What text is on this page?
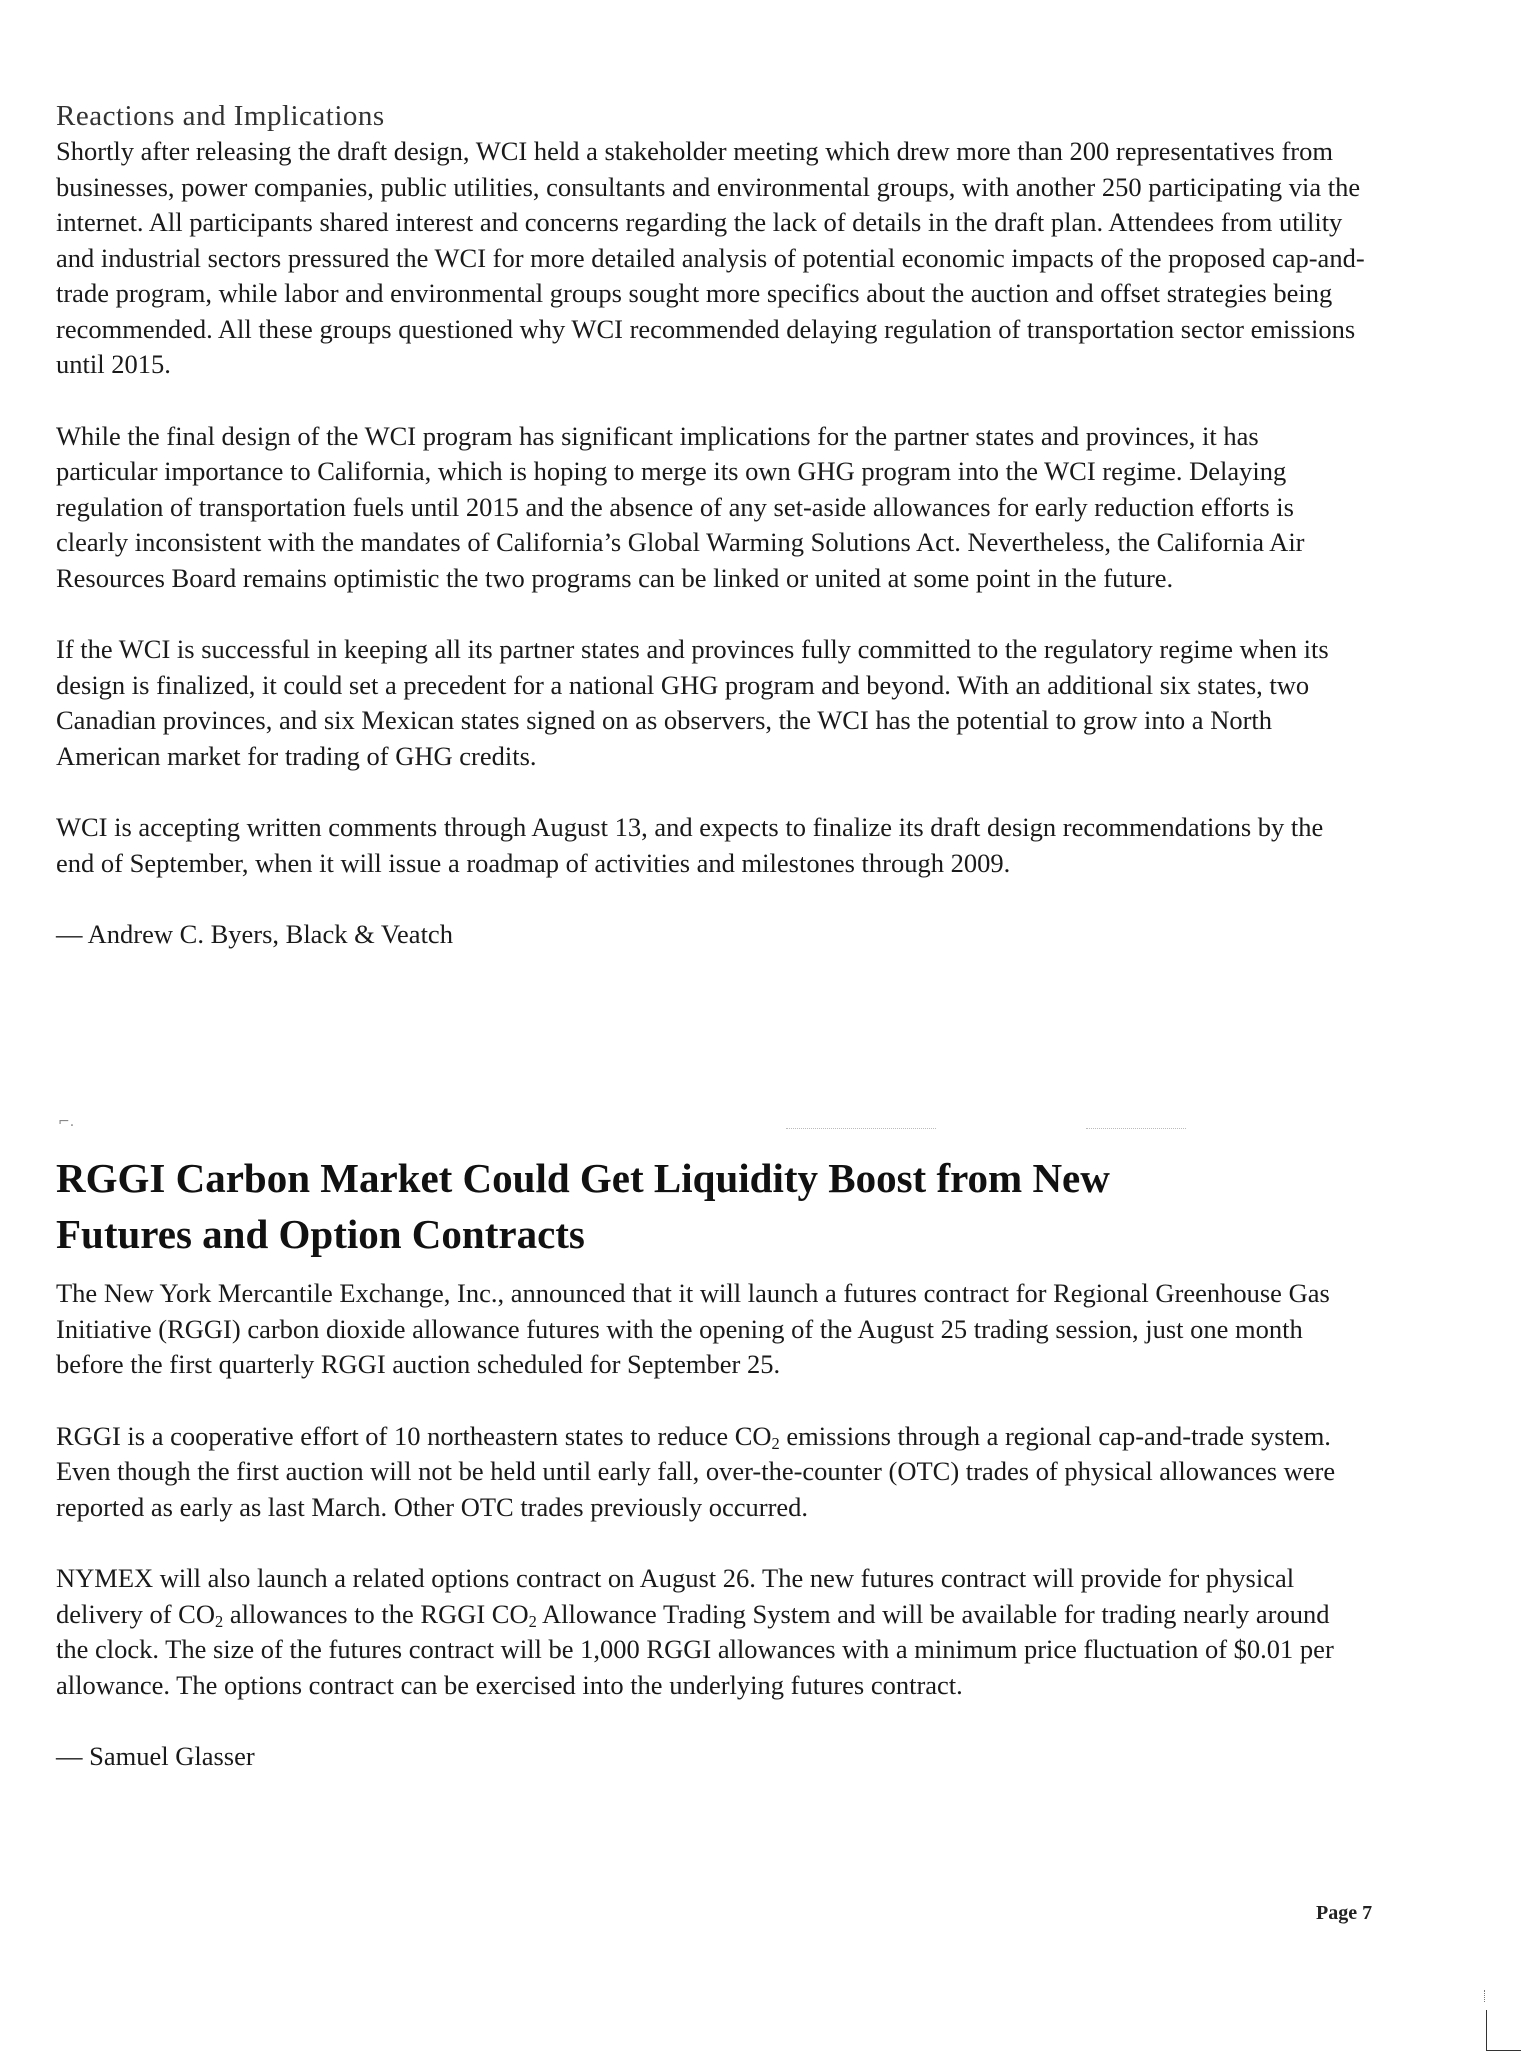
Reactions and Implications

Shortly after releasing the draft design, WCI held a stakeholder meeting which drew more than 200 representatives from businesses, power companies, public utilities, consultants and environmental groups, with another 250 participating via the internet. All participants shared interest and concerns regarding the lack of details in the draft plan. Attendees from utility and industrial sectors pressured the WCI for more detailed analysis of potential economic impacts of the proposed cap-and-trade program, while labor and environmental groups sought more specifics about the auction and offset strategies being recommended. All these groups questioned why WCI recommended delaying regulation of transportation sector emissions until 2015.

While the final design of the WCI program has significant implications for the partner states and provinces, it has particular importance to California, which is hoping to merge its own GHG program into the WCI regime. Delaying regulation of transportation fuels until 2015 and the absence of any set-aside allowances for early reduction efforts is clearly inconsistent with the mandates of California’s Global Warming Solutions Act. Nevertheless, the California Air Resources Board remains optimistic the two programs can be linked or united at some point in the future.

If the WCI is successful in keeping all its partner states and provinces fully committed to the regulatory regime when its design is finalized, it could set a precedent for a national GHG program and beyond. With an additional six states, two Canadian provinces, and six Mexican states signed on as observers, the WCI has the potential to grow into a North American market for trading of GHG credits.

WCI is accepting written comments through August 13, and expects to finalize its draft design recommendations by the end of September, when it will issue a roadmap of activities and milestones through 2009.

— Andrew C. Byers, Black & Veatch

⌐.
RGGI Carbon Market Could Get Liquidity Boost from New
Futures and Option Contracts

The New York Mercantile Exchange, Inc., announced that it will launch a futures contract for Regional Greenhouse Gas Initiative (RGGI) carbon dioxide allowance futures with the opening of the August 25 trading session, just one month before the first quarterly RGGI auction scheduled for September 25.

RGGI is a cooperative effort of 10 northeastern states to reduce $CO_2$ emissions through a regional cap-and-trade system. Even though the first auction will not be held until early fall, over-the-counter (OTC) trades of physical allowances were reported as early as last March. Other OTC trades previously occurred.

NYMEX will also launch a related options contract on August 26. The new futures contract will provide for physical delivery of $CO_2$ allowances to the RGGI $CO_2$ Allowance Trading System and will be available for trading nearly around the clock. The size of the futures contract will be 1,000 RGGI allowances with a minimum price fluctuation of $0.01 per allowance. The options contract can be exercised into the underlying futures contract.

— Samuel Glasser

Page 7
